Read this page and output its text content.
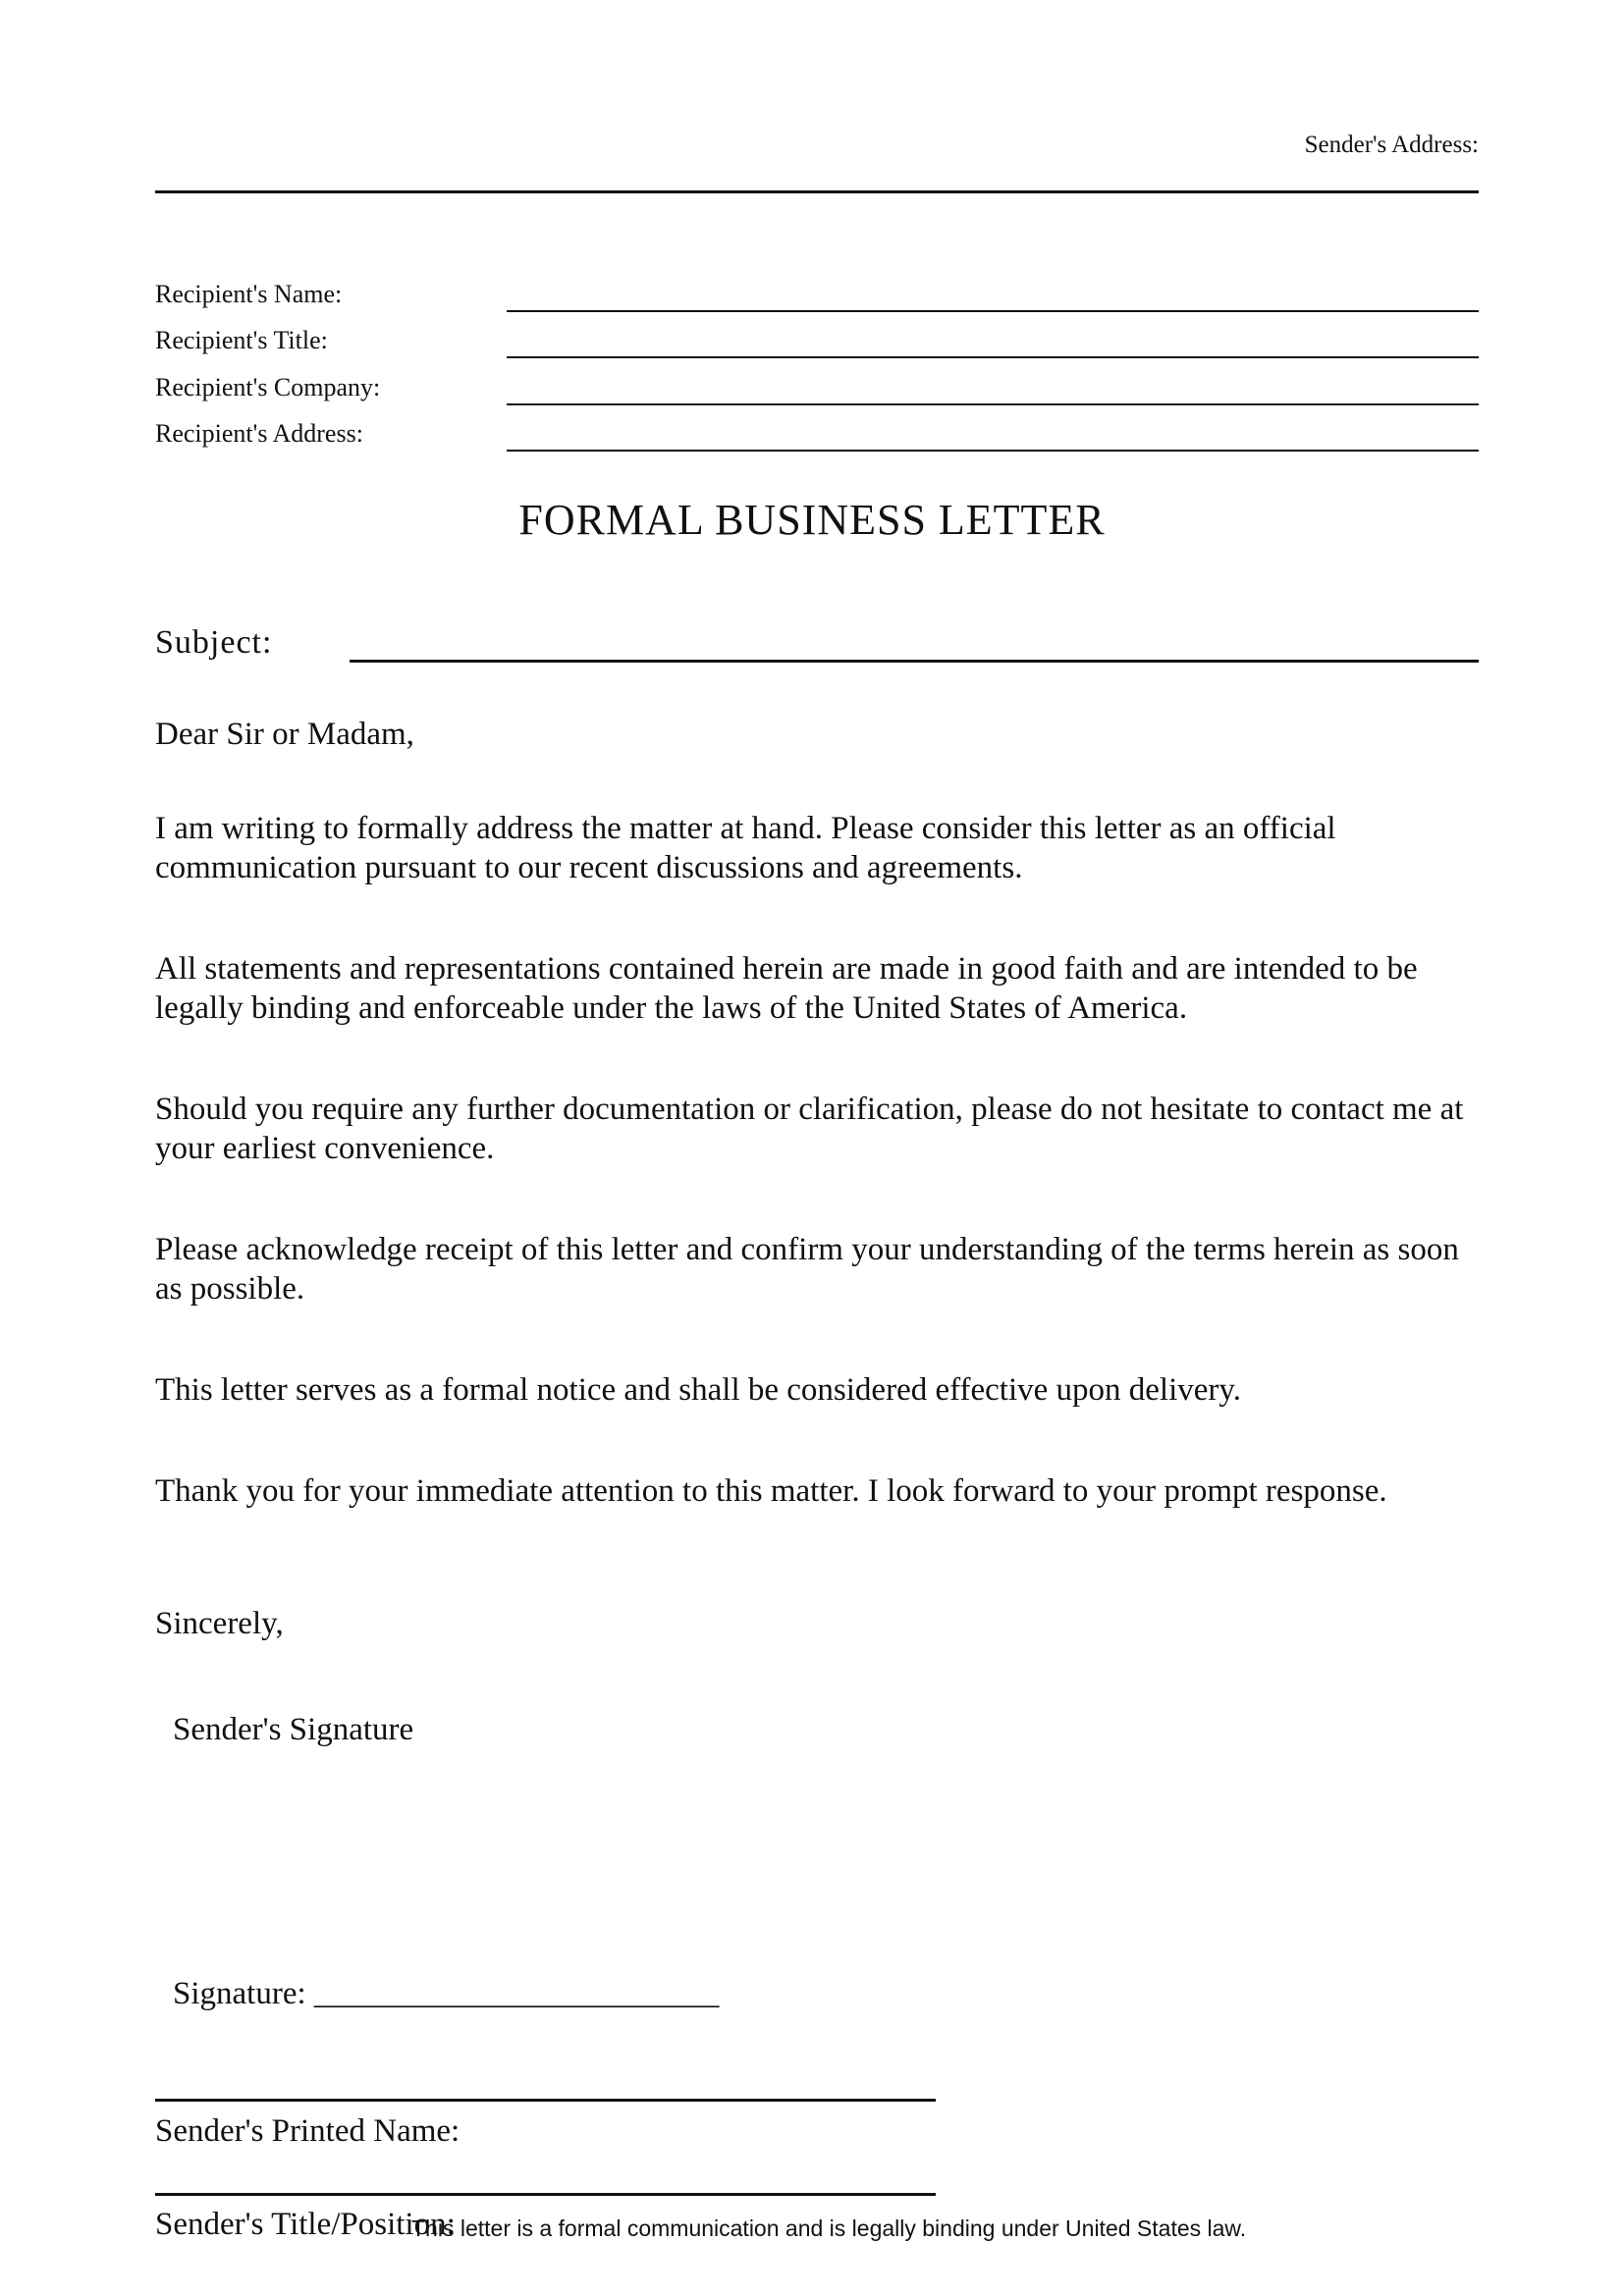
Sender's Address:
Recipient's Name:
Recipient's Title:
Recipient's Company:
Recipient's Address:
FORMAL BUSINESS LETTER
Subject:
Dear Sir or Madam,
I am writing to formally address the matter at hand. Please consider this letter as an official communication pursuant to our recent discussions and agreements.
All statements and representations contained herein are made in good faith and are intended to be legally binding and enforceable under the laws of the United States of America.
Should you require any further documentation or clarification, please do not hesitate to contact me at your earliest convenience.
Please acknowledge receipt of this letter and confirm your understanding of the terms herein as soon as possible.
This letter serves as a formal notice and shall be considered effective upon delivery.
Thank you for your immediate attention to this matter. I look forward to your prompt response.
Sincerely,
Sender's Signature
Signature: _________________________
Sender's Printed Name:
Sender's Title/Position:
This letter is a formal communication and is legally binding under United States law.
